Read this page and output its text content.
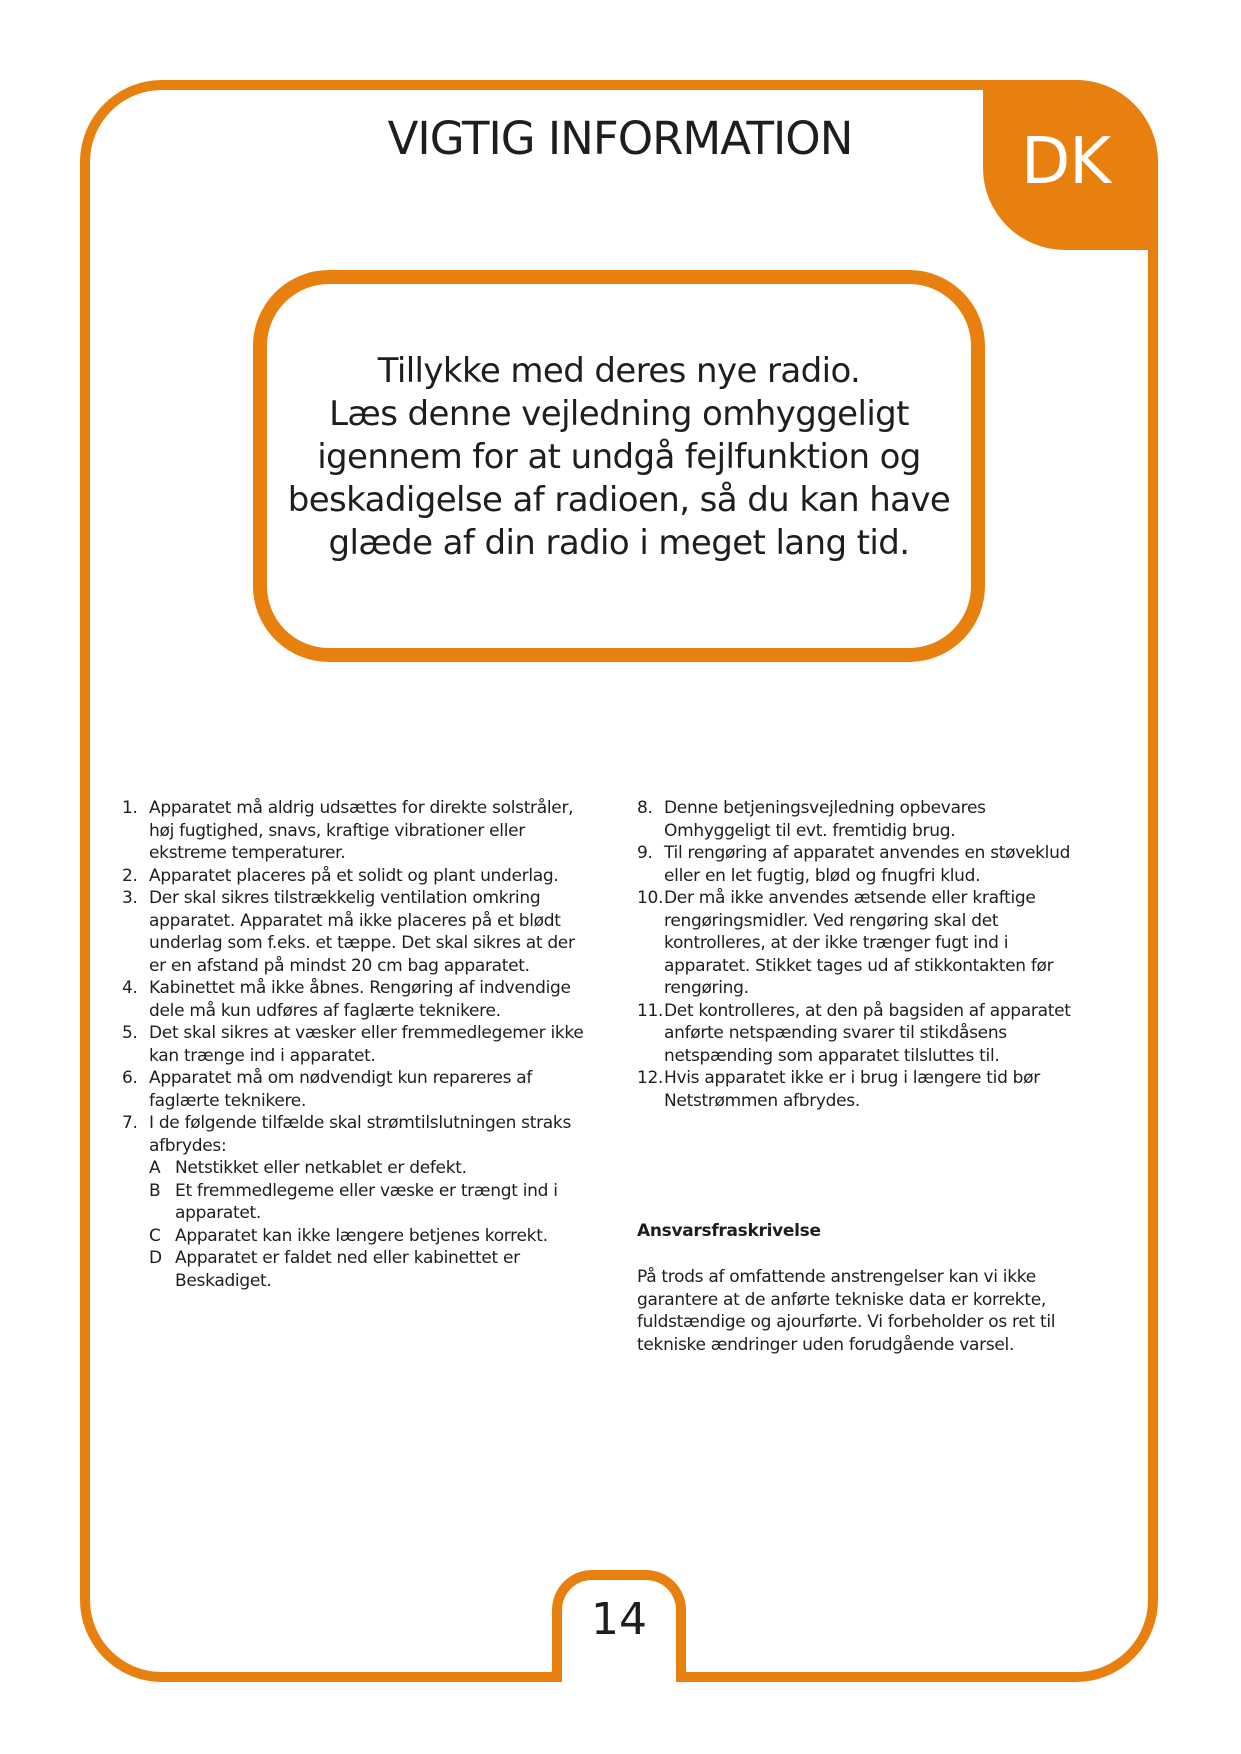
DK
VIGTIG INFORMATION
Tillykke med deres nye radio.
Læs denne vejledning omhyggeligt
igennem for at undgå fejlfunktion og
beskadigelse af radioen, så du kan have
glæde af din radio i meget lang tid.
1. Apparatet må aldrig udsættes for direkte solstråler, høj fugtighed, snavs, kraftige vibrationer eller ekstreme temperaturer.
2. Apparatet placeres på et solidt og plant underlag.
3. Der skal sikres tilstrækkelig ventilation omkring apparatet. Apparatet må ikke placeres på et blødt underlag som f.eks. et tæppe. Det skal sikres at der er en afstand på mindst 20 cm bag apparatet.
4. Kabinettet må ikke åbnes. Rengøring af indvendige dele må kun udføres af faglærte teknikere.
5. Det skal sikres at væsker eller fremmedlegemer ikke kan trænge ind i apparatet.
6. Apparatet må om nødvendigt kun repareres af faglærte teknikere.
7. I de følgende tilfælde skal strømtilslutningen straks afbrydes:
A Netstikket eller netkablet er defekt.
B Et fremmedlegeme eller væske er trængt ind i apparatet.
C Apparatet kan ikke længere betjenes korrekt.
D Apparatet er faldet ned eller kabinettet er Beskadiget.
8. Denne betjeningsvejledning opbevares Omhyggeligt til evt. fremtidig brug.
9. Til rengøring af apparatet anvendes en støveklud eller en let fugtig, blød og fnugfri klud.
10. Der må ikke anvendes ætsende eller kraftige rengøringsmidler. Ved rengøring skal det kontrolleres, at der ikke trænger fugt ind i apparatet. Stikket tages ud af stikkontakten før rengøring.
11. Det kontrolleres, at den på bagsiden af apparatet anførte netspænding svarer til stikdåsens netspænding som apparatet tilsluttes til.
12. Hvis apparatet ikke er i brug i længere tid bør Netstrømmen afbrydes.
Ansvarsfraskrivelse
På trods af omfattende anstrengelser kan vi ikke garantere at de anførte tekniske data er korrekte, fuldstændige og ajourførte. Vi forbeholder os ret til tekniske ændringer uden forudgående varsel.
14
